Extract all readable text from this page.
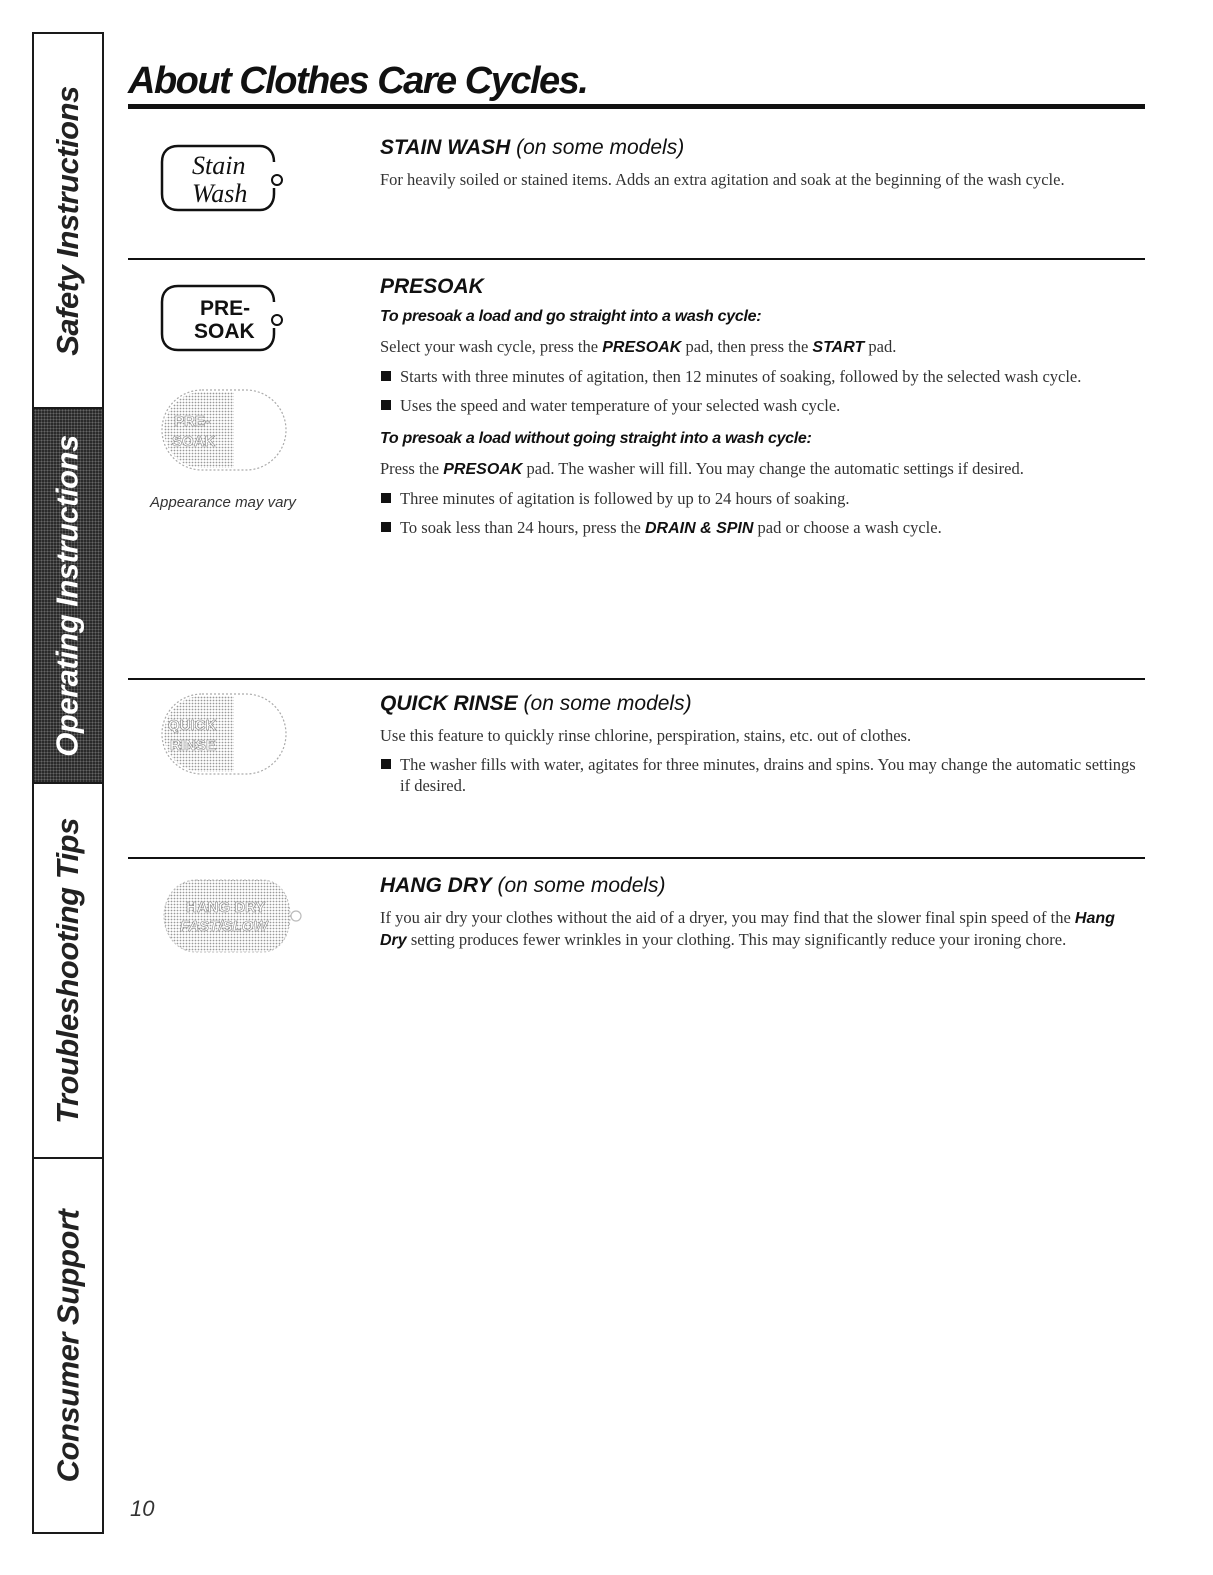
Safety Instructions
Operating Instructions
Troubleshooting Tips
Consumer Support
About Clothes Care Cycles.
Stain
Wash
PRE-
SOAK
PRE-
SOAK
Appearance may vary
QUICK
RINSE
HANG DRY
FAST/SLOW
STAIN WASH (on some models)

For heavily soiled or stained items. Adds an extra agitation and soak at the beginning of the wash cycle.

PRESOAK
To presoak a load and go straight into a wash cycle:

Select your wash cycle, press the PRESOAK pad, then press the START pad.

Starts with three minutes of agitation, then 12 minutes of soaking, followed by the selected wash cycle.
Uses the speed and water temperature of your selected wash cycle.
To presoak a load without going straight into a wash cycle:

Press the PRESOAK pad. The washer will fill. You may change the automatic settings if desired.

Three minutes of agitation is followed by up to 24 hours of soaking.
To soak less than 24 hours, press the DRAIN & SPIN pad or choose a wash cycle.
QUICK RINSE (on some models)

Use this feature to quickly rinse chlorine, perspiration, stains, etc. out of clothes.

The washer fills with water, agitates for three minutes, drains and spins. You may change the automatic settings if desired.
HANG DRY (on some models)

If you air dry your clothes without the aid of a dryer, you may find that the slower final spin speed of the Hang Dry setting produces fewer wrinkles in your clothing. This may significantly reduce your ironing chore.

10
